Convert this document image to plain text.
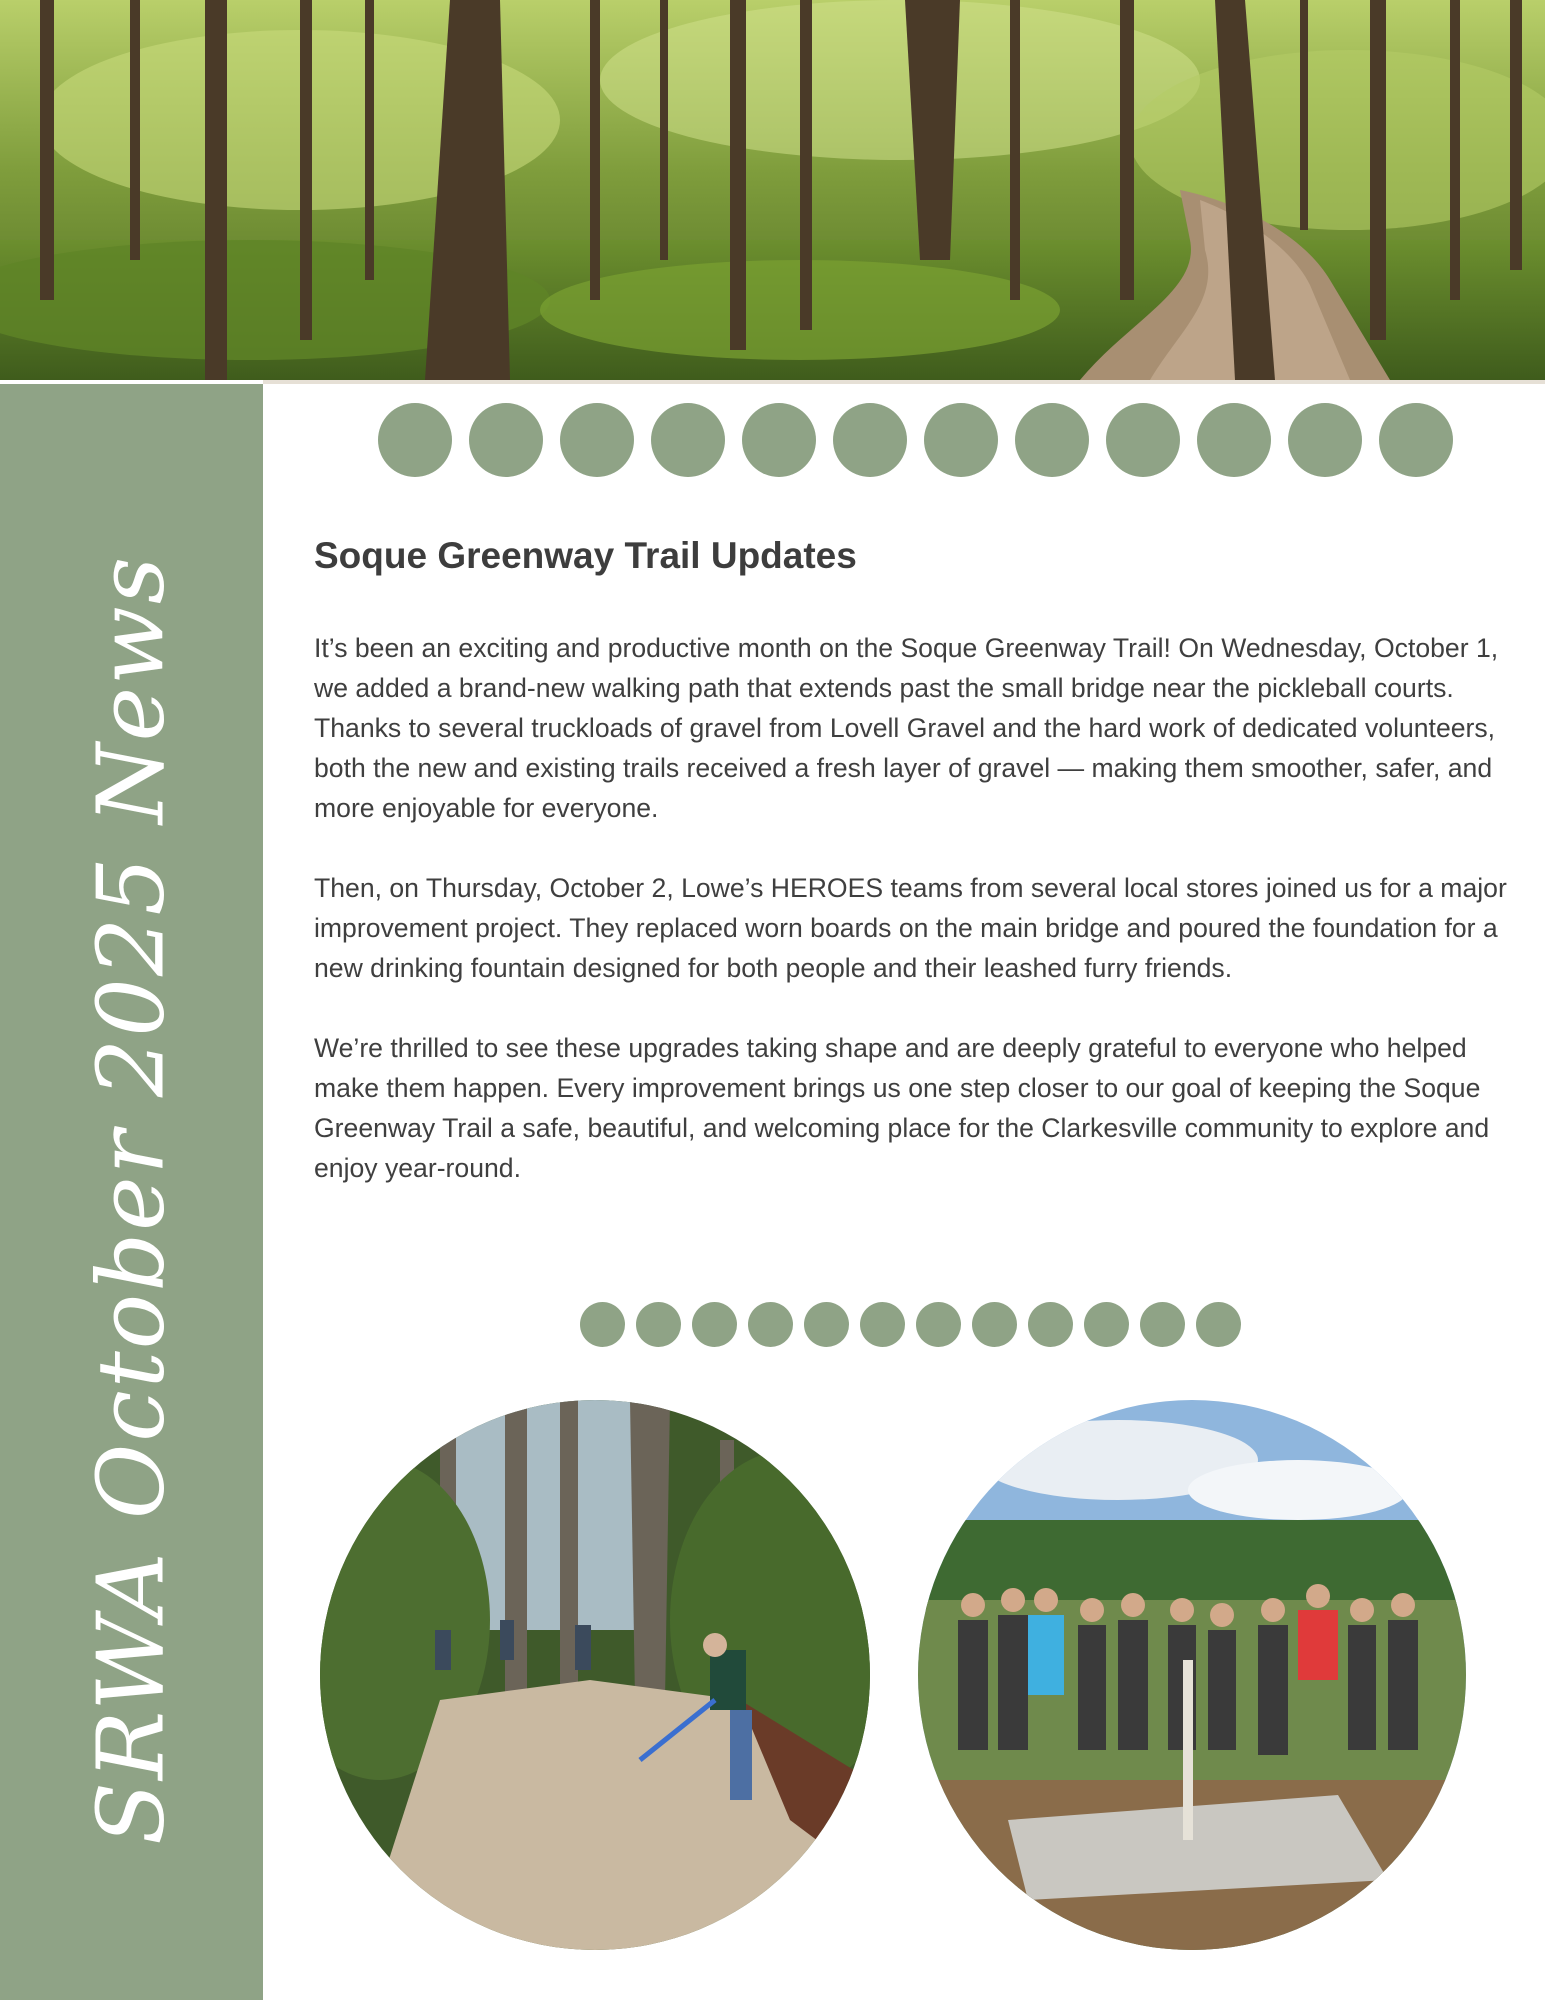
SRWA October 2025 News	Soque Greenway Trail Updates

It’s been an exciting and productive month on the Soque Greenway Trail! On Wednesday, October 1, we added a brand-new walking path that extends past the small bridge near the pickleball courts. Thanks to several truckloads of gravel from Lovell Gravel and the hard work of dedicated volunteers, both the new and existing trails received a fresh layer of gravel — making them smoother, safer, and more enjoyable for everyone.

Then, on Thursday, October 2, Lowe’s HEROES teams from several local stores joined us for a major improvement project. They replaced worn boards on the main bridge and poured the foundation for a new drinking fountain designed for both people and their leashed furry friends.

We’re thrilled to see these upgrades taking shape and are deeply grateful to everyone who helped make them happen. Every improvement brings us one step closer to our goal of keeping the Soque Greenway Trail a safe, beautiful, and welcoming place for the Clarkesville community to explore and enjoy year-round.
